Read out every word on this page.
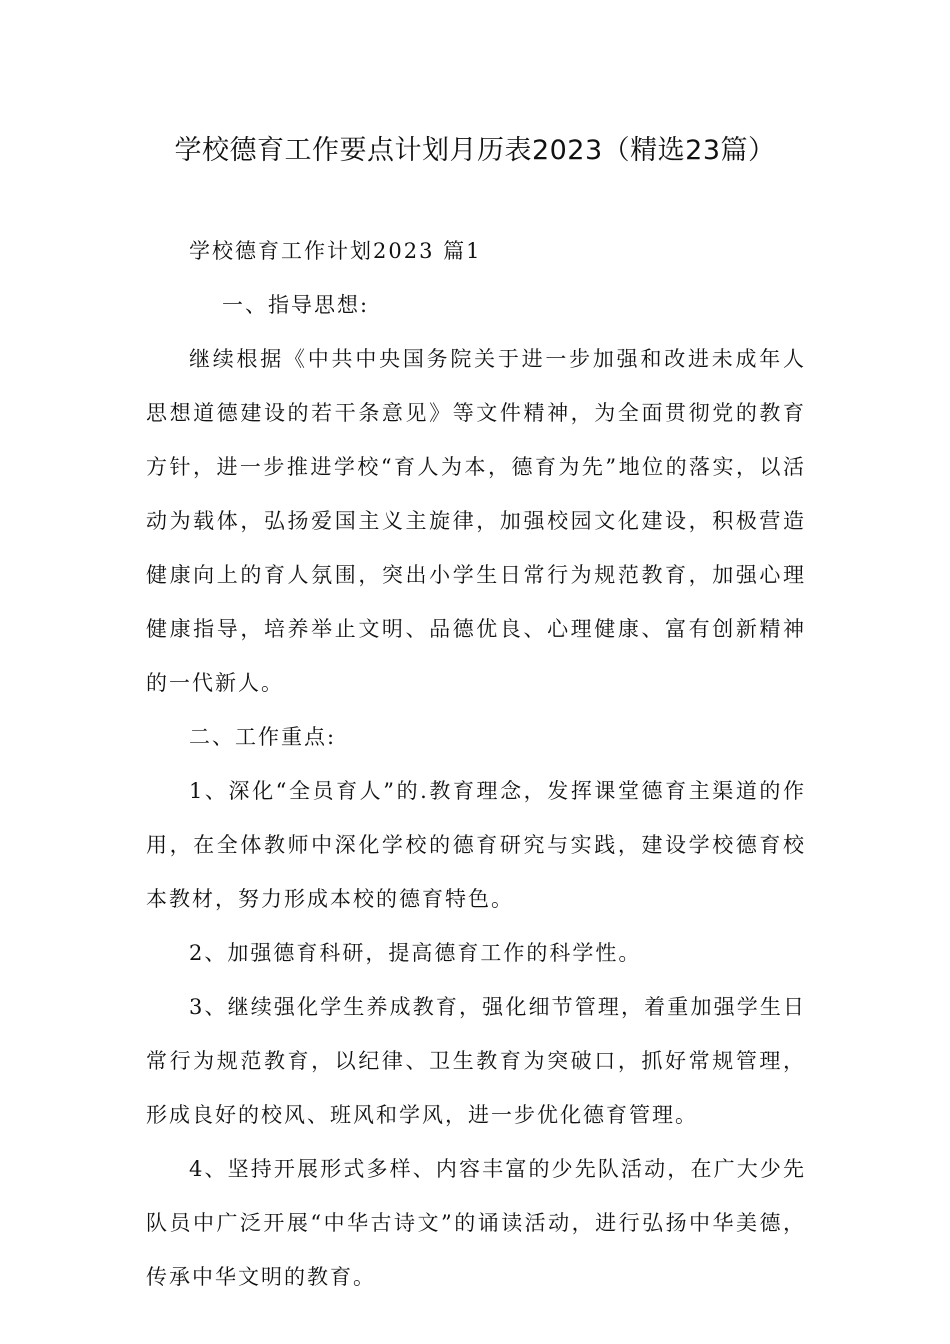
学校德育工作要点计划月历表2023（精选23篇）

学校德育工作计划2023 篇1

一、指导思想:

继续根据《中共中央国务院关于进一步加强和改进未成年人思想道德建设的若干条意见》等文件精神，为全面贯彻党的教育方针，进一步推进学校“育人为本，德育为先”地位的落实，以活动为载体，弘扬爱国主义主旋律，加强校园文化建设，积极营造健康向上的育人氛围，突出小学生日常行为规范教育，加强心理健康指导，培养举止文明、品德优良、心理健康、富有创新精神的一代新人。

二、工作重点:

1、深化“全员育人”的.教育理念，发挥课堂德育主渠道的作用，在全体教师中深化学校的德育研究与实践，建设学校德育校本教材，努力形成本校的德育特色。

2、加强德育科研，提高德育工作的科学性。

3、继续强化学生养成教育，强化细节管理，着重加强学生日常行为规范教育，以纪律、卫生教育为突破口，抓好常规管理，形成良好的校风、班风和学风，进一步优化德育管理。

4、坚持开展形式多样、内容丰富的少先队活动，在广大少先队员中广泛开展“中华古诗文”的诵读活动，进行弘扬中华美德，传承中华文明的教育。
